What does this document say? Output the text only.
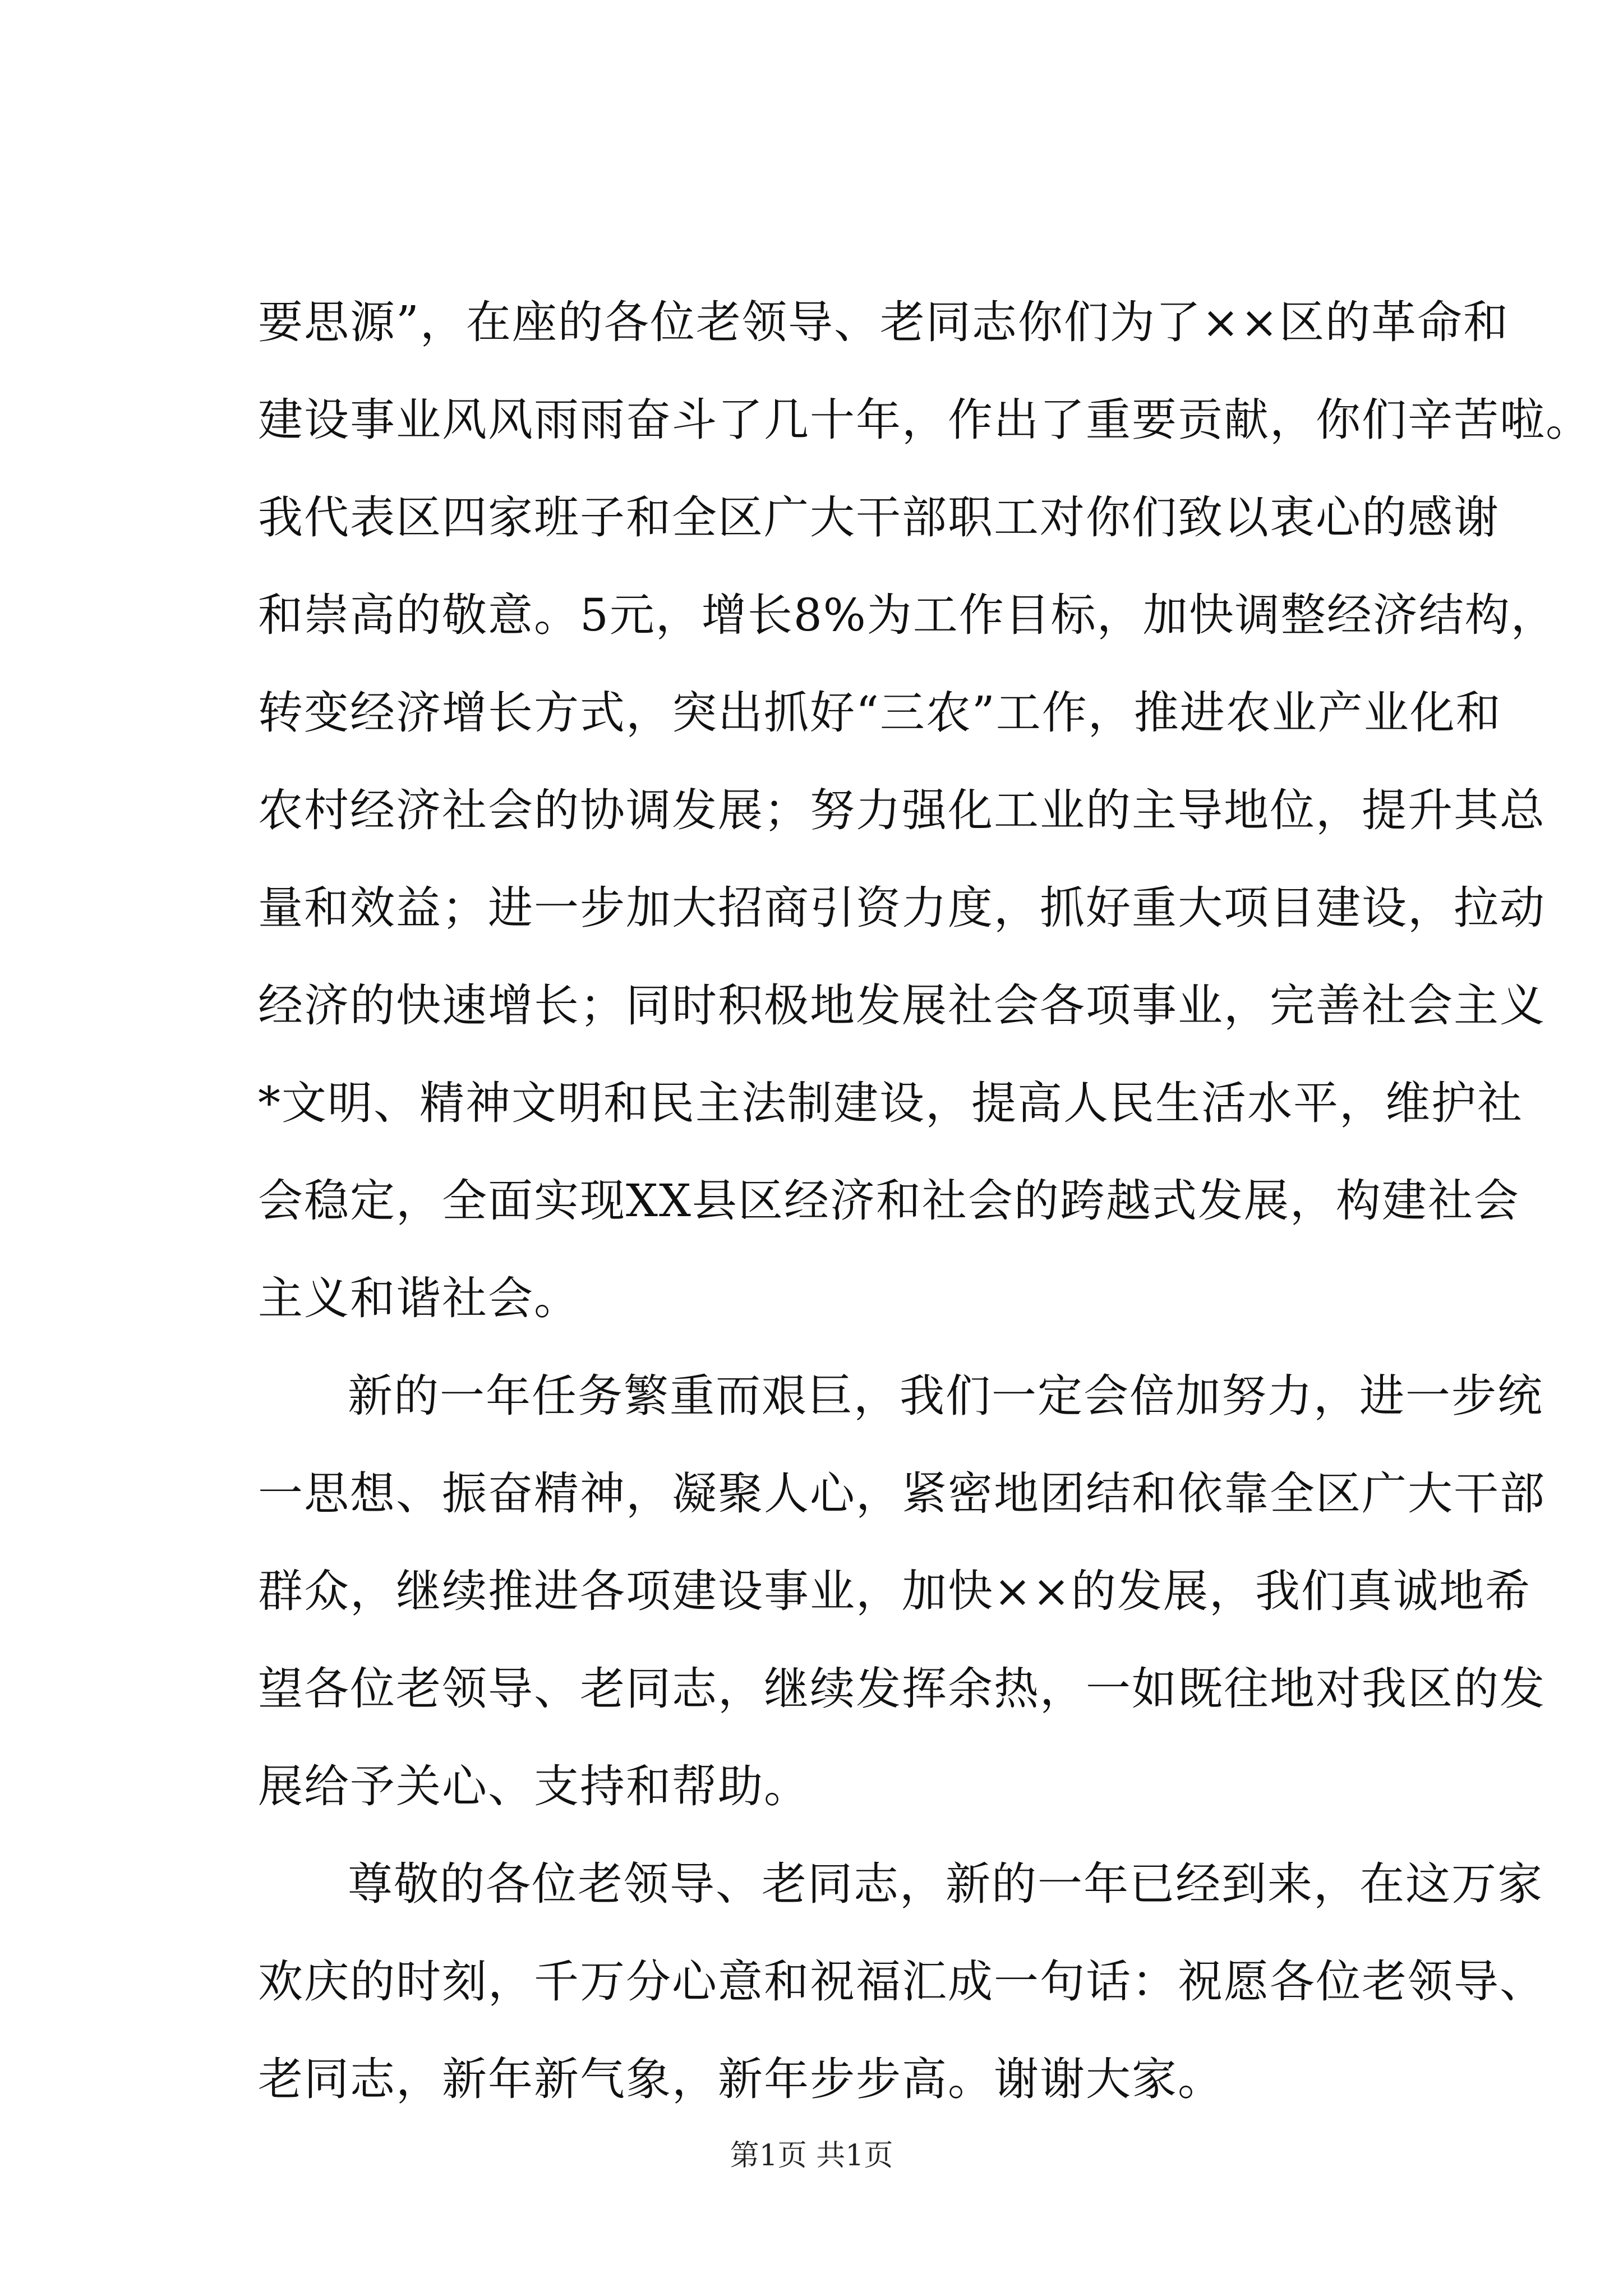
要思源”，在座的各位老领导、老同志你们为了××区的革命和
建设事业风风雨雨奋斗了几十年，作出了重要贡献，你们辛苦啦。
我代表区四家班子和全区广大干部职工对你们致以衷心的感谢
和崇高的敬意。5元，增长8%为工作目标，加快调整经济结构，
转变经济增长方式，突出抓好“三农”工作，推进农业产业化和
农村经济社会的协调发展；努力强化工业的主导地位，提升其总
量和效益；进一步加大招商引资力度，抓好重大项目建设，拉动
经济的快速增长；同时积极地发展社会各项事业，完善社会主义
*文明、精神文明和民主法制建设，提高人民生活水平，维护社
会稳定，全面实现XX县区经济和社会的跨越式发展，构建社会
主义和谐社会。
新的一年任务繁重而艰巨，我们一定会倍加努力，进一步统
一思想、振奋精神，凝聚人心，紧密地团结和依靠全区广大干部
群众，继续推进各项建设事业，加快××的发展，我们真诚地希
望各位老领导、老同志，继续发挥余热，一如既往地对我区的发
展给予关心、支持和帮助。
尊敬的各位老领导、老同志，新的一年已经到来，在这万家
欢庆的时刻，千万分心意和祝福汇成一句话：祝愿各位老领导、
老同志，新年新气象，新年步步高。谢谢大家。
第1页 共1页
